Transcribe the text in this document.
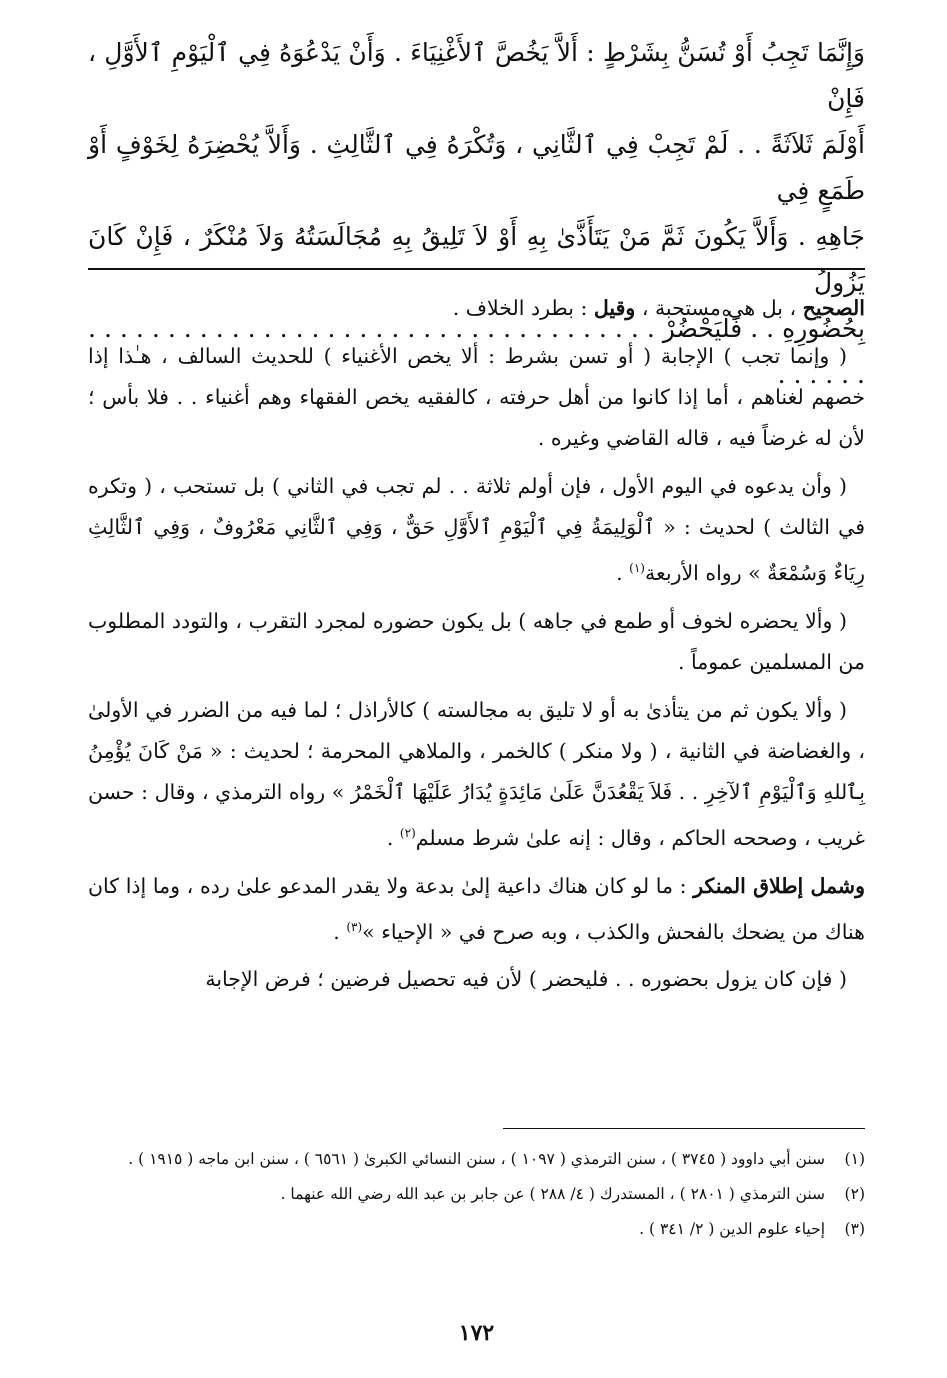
وَإِنَّمَا تَجِبُ أَوْ تُسَنُّ بِشَرْطٍ : أَلاَّ يَخُصَّ ٱلأَغْنِيَاءَ . وَأَنْ يَدْعُوَهُ فِي ٱلْيَوْمِ ٱلأَوَّلِ ، فَإِنْ

أَوْلَمَ ثَلاَثَةً . . لَمْ تَجِبْ فِي ٱلثَّانِي ، وَتُكْرَهُ فِي ٱلثَّالِثِ . وَأَلاَّ يُحْضِرَهُ لِخَوْفٍ أَوْ طَمَعٍ فِي

جَاهِهِ . وَأَلاَّ يَكُونَ ثَمَّ مَنْ يَتَأَذَّىٰ بِهِ أَوْ لاَ تَلِيقُ بِهِ مُجَالَسَتُهُ وَلاَ مُنْكَرٌ ، فَإِنْ كَانَ يَزُولُ

بِحُضُورِهِ . . فَلْيَحْضُرْ . . . . . . . . . . . . . . . . . . . . . . . . . . . . . . . . . . . . . . . . . .

الصحيح ، بل هي مستحبة ، وقيل : بطرد الخلاف .

( وإنما تجب ) الإجابة ( أو تسن بشرط : ألا يخص الأغنياء ) للحديث السالف ، هـٰذا إذا خصهم لغناهم ، أما إذا كانوا من أهل حرفته ، كالفقيه يخص الفقهاء وهم أغنياء . . فلا بأس ؛ لأن له غرضاً فيه ، قاله القاضي وغيره .

( وأن يدعوه في اليوم الأول ، فإن أولم ثلاثة . . لم تجب في الثاني ) بل تستحب ، ( وتكره في الثالث ) لحديث : « ٱلْوَلِيمَةُ فِي ٱلْيَوْمِ ٱلأَوَّلِ حَقٌّ ، وَفِي ٱلثَّانِي مَعْرُوفٌ ، وَفِي ٱلثَّالِثِ رِيَاءٌ وَسُمْعَةٌ » رواه الأربعة$^{(١)}$ .

( وألا يحضره لخوف أو طمع في جاهه ) بل يكون حضوره لمجرد التقرب ، والتودد المطلوب من المسلمين عموماً .

( وألا يكون ثم من يتأذىٰ به أو لا تليق به مجالسته ) كالأراذل ؛ لما فيه من الضرر في الأولىٰ ، والغضاضة في الثانية ، ( ولا منكر ) كالخمر ، والملاهي المحرمة ؛ لحديث : « مَنْ كَانَ يُؤْمِنُ بِٱللهِ وَٱلْيَوْمِ ٱلآخِرِ . . فَلاَ يَقْعُدَنَّ عَلَىٰ مَائِدَةٍ يُدَارُ عَلَيْهَا ٱلْخَمْرُ » رواه الترمذي ، وقال : حسن غريب ، وصححه الحاكم ، وقال : إنه علىٰ شرط مسلم$^{(٢)}$ .

وشمل إطلاق المنكر : ما لو كان هناك داعية إلىٰ بدعة ولا يقدر المدعو علىٰ رده ، وما إذا كان هناك من يضحك بالفحش والكذب ، وبه صرح في « الإحياء »$^{(٣)}$ .

( فإن كان يزول بحضوره . . فليحضر ) لأن فيه تحصيل فرضين ؛ فرض الإجابة

(١)
سنن أبي داوود ( ٣٧٤٥ ) ، سنن الترمذي ( ١٠٩٧ ) ، سنن النسائي الكبرىٰ ( ٦٥٦١ ) ، سنن ابن ماجه ( ١٩١٥ ) .
(٢)
سنن الترمذي ( ٢٨٠١ ) ، المستدرك ( ٤/ ٢٨٨ ) عن جابر بن عبد الله رضي الله عنهما .
(٣)
إحياء علوم الدين ( ٢/ ٣٤١ ) .
١٧٢
